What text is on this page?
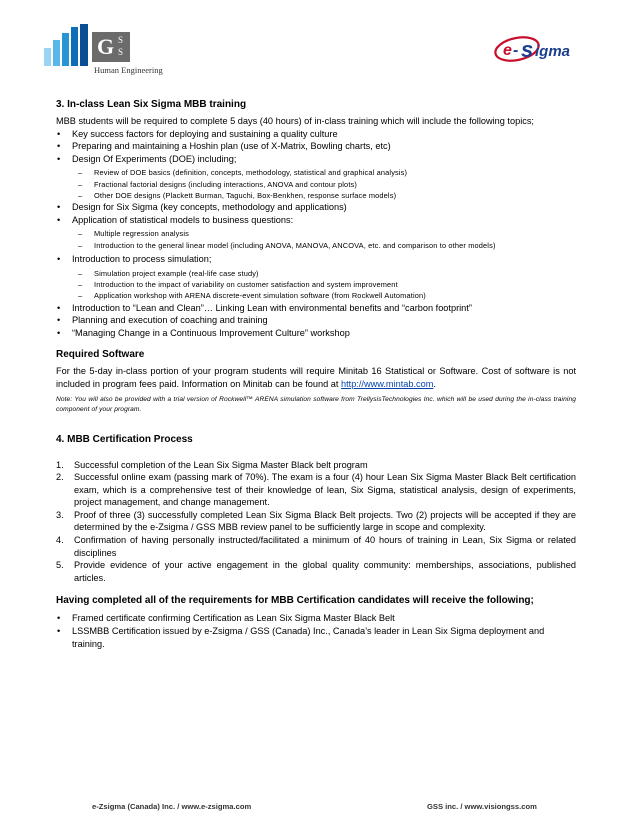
G S
S
Human Engineering
e - s igma

3. In-class Lean Six Sigma MBB training

MBB students will be required to complete 5 days (40 hours) of in-class training which will include the following topics;

• Key success factors for deploying and sustaining a quality culture

• Preparing and maintaining a Hoshin plan (use of X-Matrix, Bowling charts, etc)

• Design Of Experiments (DOE) including;

– Review of DOE basics (definition, concepts, methodology, statistical and graphical analysis)

– Fractional factorial designs (including interactions, ANOVA and contour plots)

– Other DOE designs (Plackett Burman, Taguchi, Box-Benkhen, response surface models)

• Design for Six Sigma (key concepts, methodology and applications)

• Application of statistical models to business questions:

– Multiple regression analysis

– Introduction to the general linear model (including ANOVA, MANOVA, ANCOVA, etc. and comparison to other models)

• Introduction to process simulation;

– Simulation project example (real-life case study)

– Introduction to the impact of variability on customer satisfaction and system improvement

– Application workshop with ARENA discrete-event simulation software (from Rockwell Automation)

• Introduction to “Lean and Clean”… Linking Lean with environmental benefits and “carbon footprint”

• Planning and execution of coaching and training

• “Managing Change in a Continuous Improvement Culture” workshop

Required Software

For the 5-day in-class portion of your program students will require Minitab 16 Statistical or Software. Cost of software is not included in program fees paid. Information on Minitab can be found at http://www.mintab.com.

Note: You will also be provided with a trial version of Rockwell™ ARENA simulation software from TrellysisTechnologies Inc. which will be used during the in-class training component of your program.

4. MBB Certification Process

1. Successful completion of the Lean Six Sigma Master Black belt program

2. Successful online exam (passing mark of 70%). The exam is a four (4) hour Lean Six Sigma Master Black Belt certification exam, which is a comprehensive test of their knowledge of lean, Six Sigma, statistical analysis, design of experiments, project management, and change management.

3. Proof of three (3) successfully completed Lean Six Sigma Black Belt projects. Two (2) projects will be accepted if they are determined by the e-Zsigma / GSS MBB review panel to be sufficiently large in scope and complexity.

4. Confirmation of having personally instructed/facilitated a minimum of 40 hours of training in Lean, Six Sigma or related disciplines

5. Provide evidence of your active engagement in the global quality community: memberships, associations, published articles.

Having completed all of the requirements for MBB Certification candidates will receive the following;

• Framed certificate confirming Certification as Lean Six Sigma Master Black Belt

• LSSMBB Certification issued by e-Zsigma / GSS (Canada) Inc., Canada’s leader in Lean Six Sigma deployment and training.

e-Zsigma (Canada) Inc. / www.e-zsigma.com	GSS inc. / www.visiongss.com
